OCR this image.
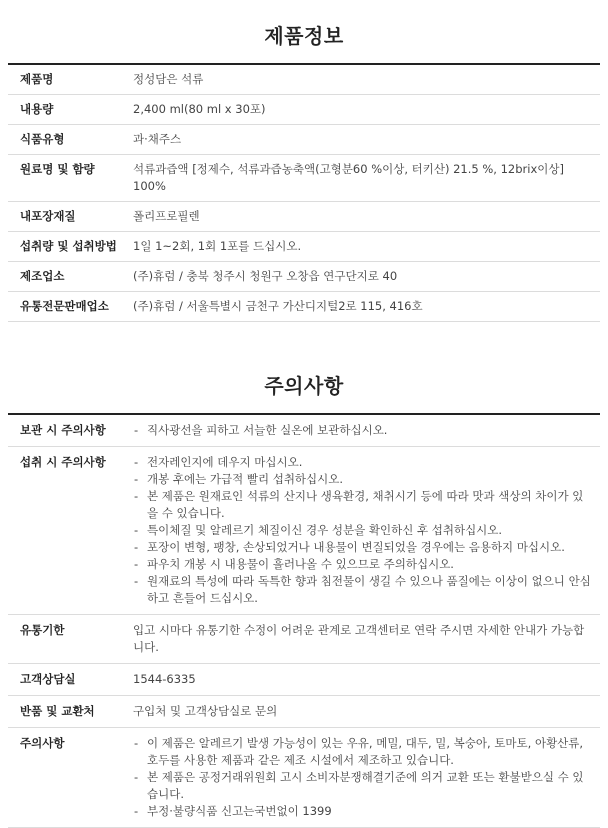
제품정보
제품명	정성담은 석류
내용량	2,400 ml(80 ml x 30포)
식품유형	과·채주스
원료명 및 함량	석류과즙액 [정제수, 석류과즙농축액(고형분60 %이상, 터키산) 21.5 %, 12brix이상] 100%
내포장재질	폴리프로필렌
섭취량 및 섭취방법	1일 1~2회, 1회 1포를 드십시오.
제조업소	(주)휴럼 / 충북 청주시 청원구 오창읍 연구단지로 40
유통전문판매업소	(주)휴럼 / 서울특별시 금천구 가산디지털2로 115, 416호
주의사항
보관 시 주의사항	- 직사광선을 피하고 서늘한 실온에 보관하십시오.
섭취 시 주의사항	- 전자레인지에 데우지 마십시오.
- 개봉 후에는 가급적 빨리 섭취하십시오.
- 본 제품은 원재료인 석류의 산지나 생육환경, 채취시기 등에 따라 맛과 색상의 차이가 있을 수 있습니다.
- 특이체질 및 알레르기 체질이신 경우 성분을 확인하신 후 섭취하십시오.
- 포장이 변형, 팽창, 손상되었거나 내용물이 변질되었을 경우에는 음용하지 마십시오.
- 파우치 개봉 시 내용물이 흘러나올 수 있으므로 주의하십시오.
- 원재료의 특성에 따라 독특한 향과 침전물이 생길 수 있으나 품질에는 이상이 없으니 안심하고 흔들어 드십시오.
유통기한	입고 시마다 유통기한 수정이 어려운 관계로 고객센터로 연락 주시면 자세한 안내가 가능합니다.
고객상담실	1544-6335
반품 및 교환처	구입처 및 고객상담실로 문의
주의사항	- 이 제품은 알레르기 발생 가능성이 있는 우유, 메밀, 대두, 밀, 복숭아, 토마토, 아황산류, 호두를 사용한 제품과 같은 제조 시설에서 제조하고 있습니다.
- 본 제품은 공정거래위원회 고시 소비자분쟁해결기준에 의거 교환 또는 환불받으실 수 있습니다.
- 부정·불량식품 신고는국번없이 1399
